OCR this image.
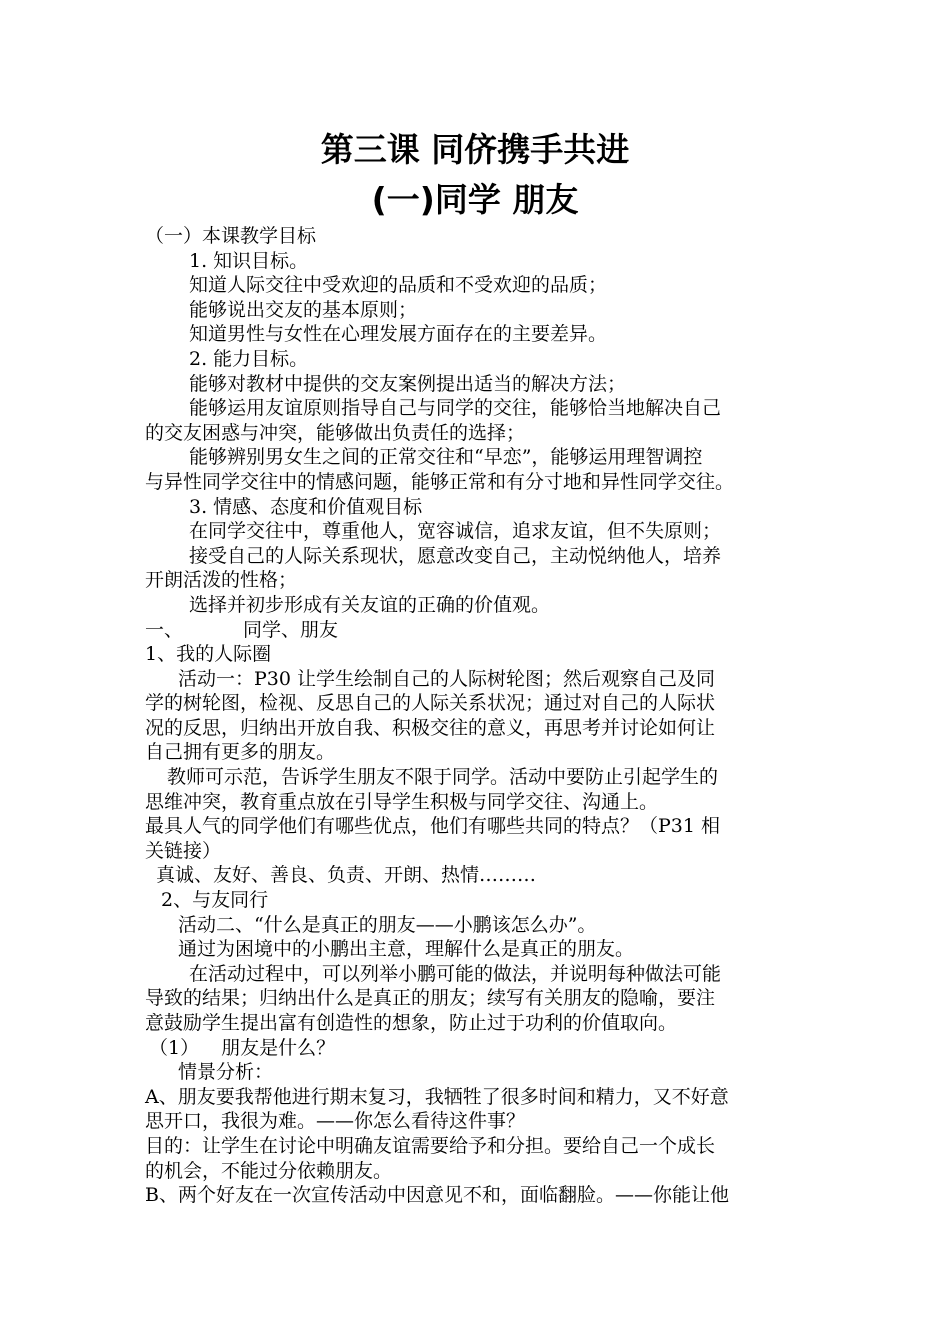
第三课 同侪携手共进
(一)同学 朋友
（一）本课教学目标
1. 知识目标。
知道人际交往中受欢迎的品质和不受欢迎的品质；
能够说出交友的基本原则；
知道男性与女性在心理发展方面存在的主要差异。
2. 能力目标。
能够对教材中提供的交友案例提出适当的解决方法；
能够运用友谊原则指导自己与同学的交往，能够恰当地解决自己
的交友困惑与冲突，能够做出负责任的选择；
能够辨别男女生之间的正常交往和“早恋”，能够运用理智调控
与异性同学交往中的情感问题，能够正常和有分寸地和异性同学交往。
3. 情感、态度和价值观目标
在同学交往中，尊重他人，宽容诚信，追求友谊，但不失原则；
接受自己的人际关系现状，愿意改变自己，主动悦纳他人，培养
开朗活泼的性格；
选择并初步形成有关友谊的正确的价值观。
一、	同学、朋友
1、我的人际圈
活动一：P30 让学生绘制自己的人际树轮图；然后观察自己及同
学的树轮图，检视、反思自己的人际关系状况；通过对自己的人际状
况的反思，归纳出开放自我、积极交往的意义，再思考并讨论如何让
自己拥有更多的朋友。
教师可示范，告诉学生朋友不限于同学。活动中要防止引起学生的
思维冲突，教育重点放在引导学生积极与同学交往、沟通上。
最具人气的同学他们有哪些优点，他们有哪些共同的特点？（P31 相
关链接）
真诚、友好、善良、负责、开朗、热情………
2、与友同行
活动二、“什么是真正的朋友——小鹏该怎么办”。
通过为困境中的小鹏出主意，理解什么是真正的朋友。
在活动过程中，可以列举小鹏可能的做法，并说明每种做法可能
导致的结果；归纳出什么是真正的朋友；续写有关朋友的隐喻，要注
意鼓励学生提出富有创造性的想象，防止过于功利的价值取向。
（1） 朋友是什么？
情景分析：
A、朋友要我帮他进行期末复习，我牺牲了很多时间和精力，又不好意
思开口，我很为难。——你怎么看待这件事？
目的：让学生在讨论中明确友谊需要给予和分担。要给自己一个成长
的机会，不能过分依赖朋友。
B、两个好友在一次宣传活动中因意见不和，面临翻脸。——你能让他
